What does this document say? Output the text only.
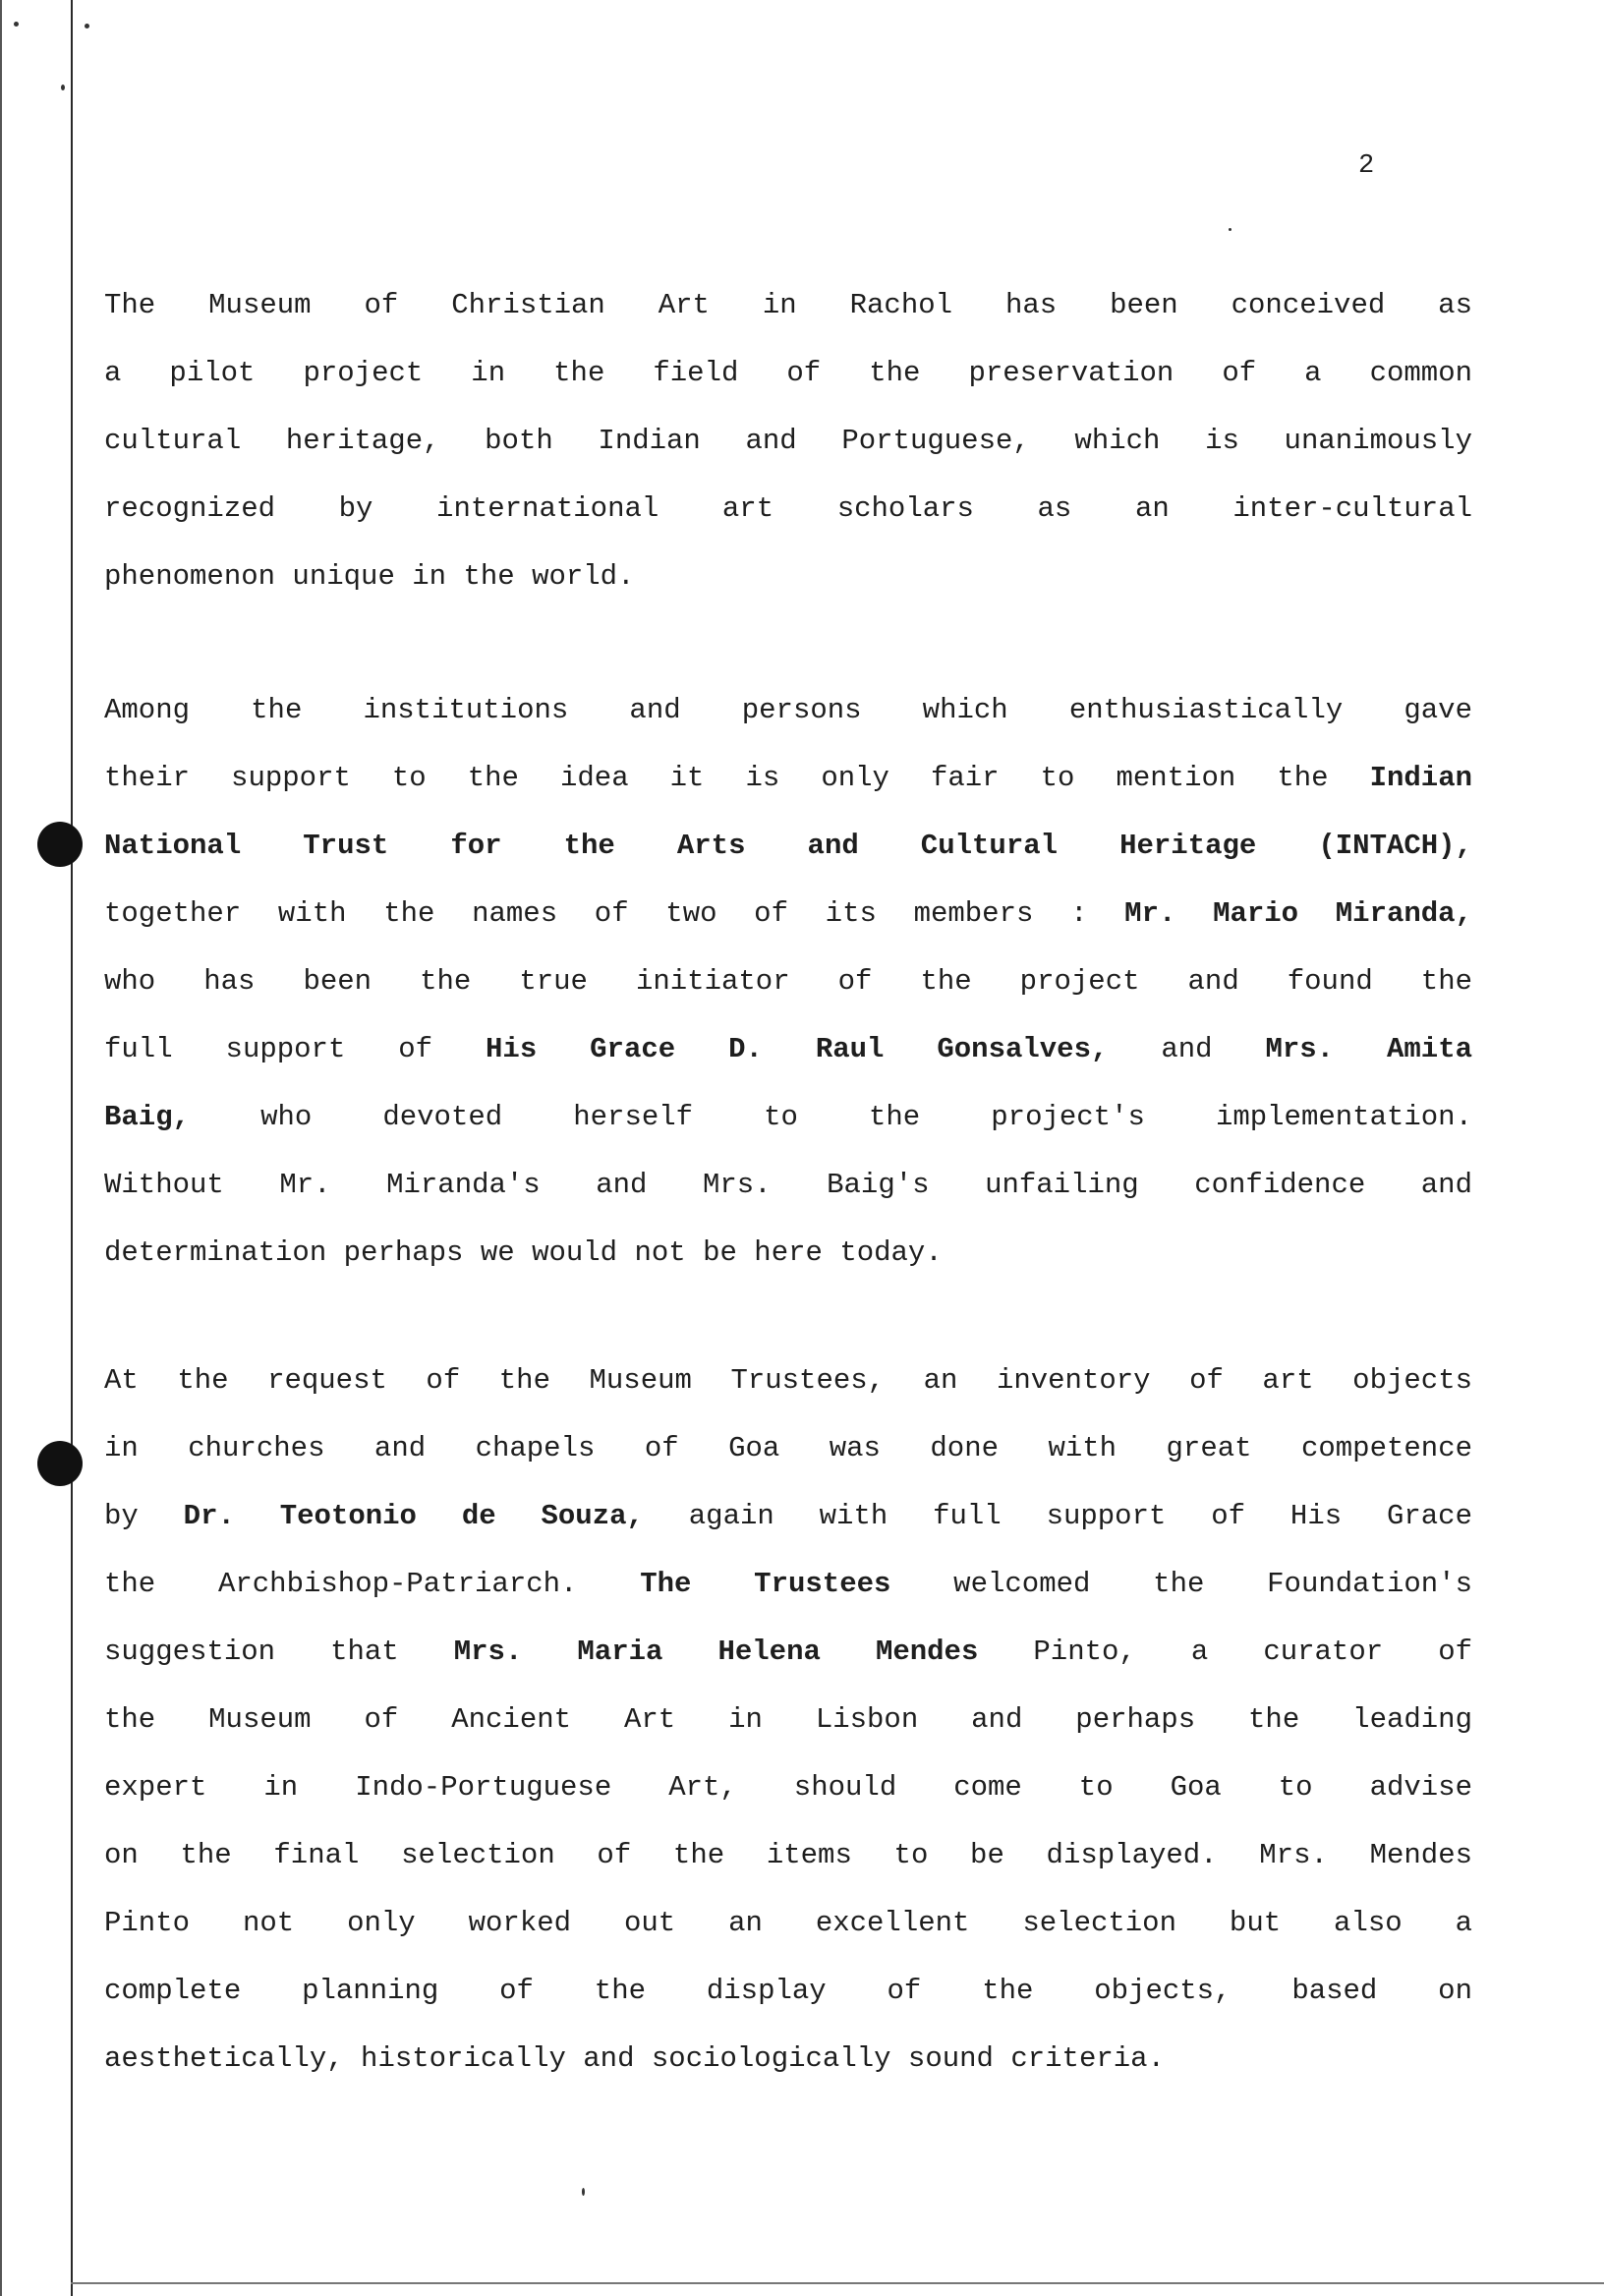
2
The Museum of Christian Art in Rachol has been conceived as
a pilot project in the field of the preservation of a common
cultural heritage, both Indian and Portuguese, which is unanimously
recognized by international art scholars as an inter-cultural
phenomenon unique in the world.
Among the institutions and persons which enthusiastically gave
their support to the idea it is only fair to mention the Indian
National Trust for the Arts and Cultural Heritage (INTACH),
together with the names of two of its members : Mr. Mario Miranda,
who has been the true initiator of the project and found the
full support of His Grace D. Raul Gonsalves, and Mrs. Amita
Baig, who devoted herself to the project's implementation.
Without Mr. Miranda's and Mrs. Baig's unfailing confidence and
determination perhaps we would not be here today.
At the request of the Museum Trustees, an inventory of art objects
in churches and chapels of Goa was done with great competence
by Dr. Teotonio de Souza, again with full support of His Grace
the Archbishop-Patriarch. The Trustees welcomed the Foundation's
suggestion that Mrs. Maria Helena Mendes Pinto, a curator of
the Museum of Ancient Art in Lisbon and perhaps the leading
expert in Indo-Portuguese Art, should come to Goa to advise
on the final selection of the items to be displayed. Mrs. Mendes
Pinto not only worked out an excellent selection but also a
complete planning of the display of the objects, based on
aesthetically, historically and sociologically sound criteria.
